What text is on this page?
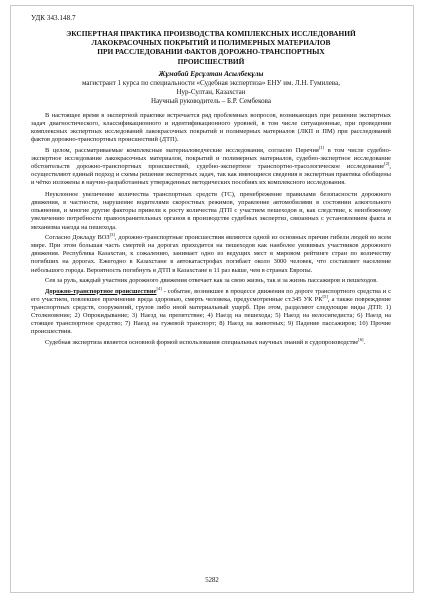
УДК 343.148.7
ЭКСПЕРТНАЯ ПРАКТИКА ПРОИЗВОДСТВА КОМПЛЕКСНЫХ ИССЛЕДОВАНИЙ
ЛАКОКРАСОЧНЫХ ПОКРЫТИЙ И ПОЛИМЕРНЫХ МАТЕРИАЛОВ
ПРИ РАССЛЕДОВАНИИ ФАКТОВ ДОРОЖНО-ТРАНСПОРТНЫХ
ПРОИСШЕСТВИЙ
Жұмабай Ерсұлтан Асылбекұлы
магистрант 1 курса по специальности «Судебная экспертиза» ЕНУ им. Л.Н. Гумилева,
Нур-Султан, Казахстан
Научный руководитель – Б.Р. Сембекова

В настоящее время в экспертной практике встречается ряд проблемных вопросов, возникающих при решении экспертных задач диагностического, классификационного и идентификационного уровней, в том числе ситуационные, при проведении комплексных экспертных исследований лакокрасочных покрытий и полимерных материалов (ЛКП и ПМ) при расследований фактов дорожно-транспортных происшествий (ДТП).

В целом, рассматриваемые комплексные материаловедческие исследования, согласно Перечня[1] в том числе судебно-экспертное исследование лакокрасочных материалов, покрытий и полимерных материалов, судебно-экспертное исследование обстоятельств дорожно-транспортных происшествий, судебно-экспертное транспортно-трасологическое исследование[2], осуществляют единый подход и схемы решения экспертных задач, так как имеющиеся сведения в экспертная практика обобщены и чётко изложены в научно-разработанных утвержденных методических пособиях их комплексного исследования.

Неуклонное увеличение количества транспортных средств (ТС), пренебрежение правилами безопасности дорожного движения, в частности, нарушение водителями скоростных режимов, управление автомобилями в состоянии алкогольного опьянения, и многие другие факторы привели к росту количества ДТП с участием пешеходов и, как следствие, к неизбежному увеличению потребности правоохранительных органов в производстве судебных экспертиз, связанных с установлением факта и механизма наезда на пешехода.

Согласно Докладу ВОЗ[3], дорожно-транспортные происшествия являются одной из основных причин гибели людей во всем мире. При этом большая часть смертей на дорогах приходится на пешеходов как наиболее уязвимых участников дорожного движения. Республика Казахстан, к сожалению, занимает одно из ведущих мест в мировом рейтинге стран по количеству погибших на дорогах. Ежегодно в Казахстане в автокатастрофах погибает около 3000 человек, что составляет население небольшого города. Вероятность погибнуть в ДТП в Казахстане в 11 раз выше, чем в странах Европы.

Сев за руль, каждый участник дорожного движения отвечает как за свою жизнь, так и за жизнь пассажиров и пешеходов.

Дорожно-транспортное происшествие[4] - событие, возникшее в процессе движения по дороге транспортного средства и с его участием, повлекшее причинение вреда здоровью, смерть человека, предусмотренные ст.345 УК РК[5], а также повреждение транспортных средств, сооружений, грузов либо иной материальный ущерб. При этом, разделяют следующие виды ДТП: 1) Столкновение; 2) Опрокидывание; 3) Наезд на препятствие; 4) Наезд на пешехода; 5) Наезд на велосипедиста; 6) Наезд на стоящее транспортное средство; 7) Наезд на гужевой транспорт; 8) Наезд на животных; 9) Падение пассажиров; 10) Прочие происшествия.

Судебная экспертиза является основной формой использования специальных научных знаний в судопроизводстве[6].

5282
